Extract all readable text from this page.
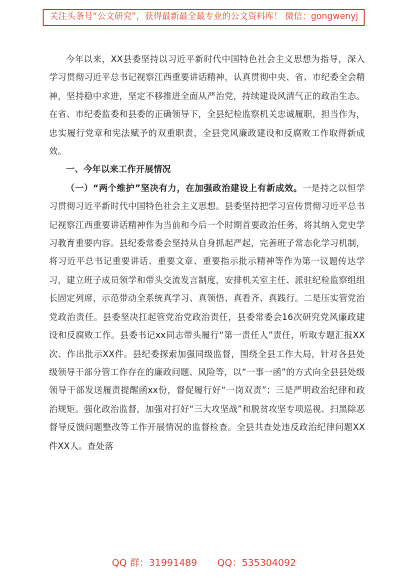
关注头条号“公文研究”，获得最新最全最专业的公文资料库！ 微信：gongwenyj

今年以来，XX县委坚持以习近平新时代中国特色社会主义思想为指导，深入学习贯彻习近平总书记视察江西重要讲话精神，认真贯彻中央、省、市纪委全会精神，坚持稳中求进，坚定不移推进全面从严治党，持续建设风清气正的政治生态。在省、市纪委监委和县委的正确领导下，全县纪检监察机关忠诚履职，担当作为，忠实履行党章和宪法赋予的双重职责，全县党风廉政建设和反腐败工作取得新成效。

一、今年以来工作开展情况

（一）“两个维护”坚决有力，在加强政治建设上有新成效。一是持之以恒学习贯彻习近平新时代中国特色社会主义思想。县委坚持把学习宣传贯彻习近平总书记视察江西重要讲话精神作为当前和今后一个时期首要政治任务，将其纳入党史学习教育重要内容。县纪委常委会坚持从自身抓起严起，完善班子常态化学习机制，将习近平总书记重要讲话、重要文章、重要指示批示精神等作为第一议题传达学习，建立班子成员领学和带头交流发言制度，安排机关室主任、派驻纪检监察组组长固定列席，示范带动全系统真学习、真领悟、真看齐、真践行。二是压实管党治党政治责任。县委坚决扛起管党治党政治责任，县委常委会16次研究党风廉政建设和反腐败工作。县委书记xx同志带头履行“第一责任人”责任，听取专题汇报XX次、作出批示XX件。县纪委探索加强同级监督，围绕全县工作大局，针对各县处级领导干部分管工作存在的廉政问题、风险等，以“一事一函”的方式向全县县处级领导干部发送履责提醒函xx份，督促履行好“一岗双责”；三是严明政治纪律和政治规矩。强化政治监督，加强对打好“三大攻坚战”和脱贫攻坚专项巡视、扫黑除恶督导反馈问题整改等工作开展情况的监督检查。全县共查处违反政治纪律问题XX件XX人。查处落

QQ 群：31991489 QQ：535304092
